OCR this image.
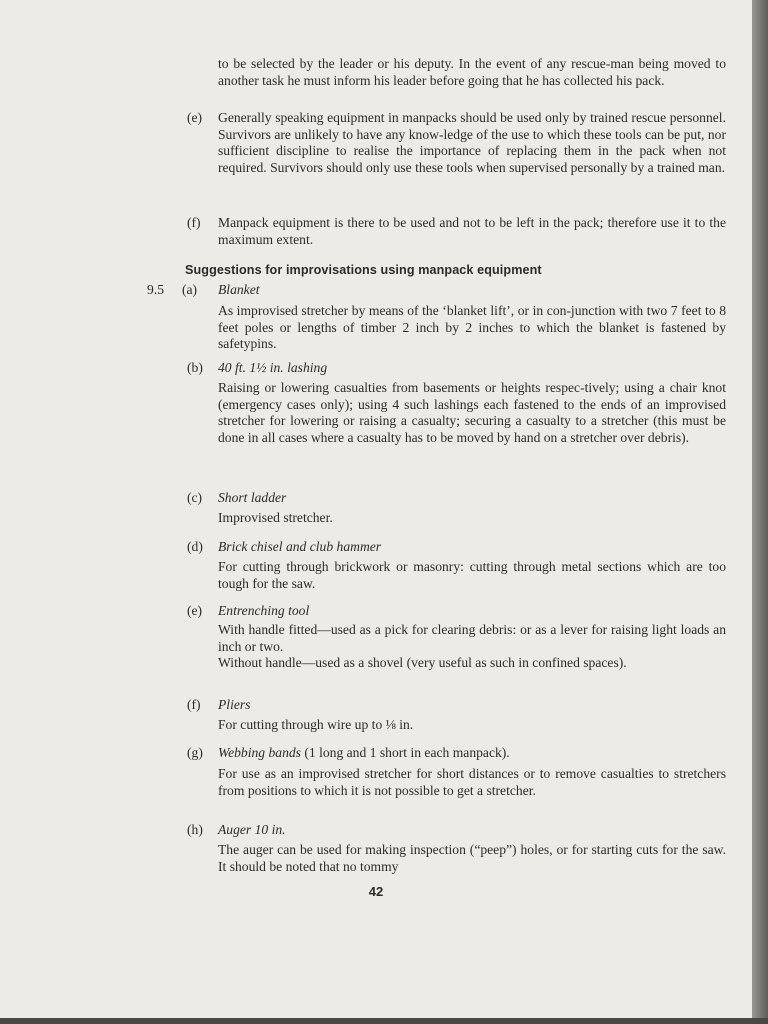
to be selected by the leader or his deputy. In the event of any rescue-man being moved to another task he must inform his leader before going that he has collected his pack.

(e)	Generally speaking equipment in manpacks should be used only by trained rescue personnel. Survivors are unlikely to have any know-ledge of the use to which these tools can be put, nor sufficient discipline to realise the importance of replacing them in the pack when not required. Survivors should only use these tools when supervised personally by a trained man.

(f)	Manpack equipment is there to be used and not to be left in the pack; therefore use it to the maximum extent.

Suggestions for improvisations using manpack equipment
9.5	(a)	Blanket

As improvised stretcher by means of the ‘blanket lift’, or in con-junction with two 7 feet to 8 feet poles or lengths of timber 2 inch by 2 inches to which the blanket is fastened by safetypins.

(b)	40 ft. 1½ in. lashing

Raising or lowering casualties from basements or heights respec-tively; using a chair knot (emergency cases only); using 4 such lashings each fastened to the ends of an improvised stretcher for lowering or raising a casualty; securing a casualty to a stretcher (this must be done in all cases where a casualty has to be moved by hand on a stretcher over debris).

(c)	Short ladder

Improvised stretcher.

(d)	Brick chisel and club hammer

For cutting through brickwork or masonry: cutting through metal sections which are too tough for the saw.

(e)	Entrenching tool

With handle fitted—used as a pick for clearing debris: or as a lever for raising light loads an inch or two.

Without handle—used as a shovel (very useful as such in confined spaces).

(f)	Pliers

For cutting through wire up to ⅛ in.

(g)	Webbing bands (1 long and 1 short in each manpack).

For use as an improvised stretcher for short distances or to remove casualties to stretchers from positions to which it is not possible to get a stretcher.

(h)	Auger 10 in.

The auger can be used for making inspection (“peep”) holes, or for starting cuts for the saw. It should be noted that no tommy

42
